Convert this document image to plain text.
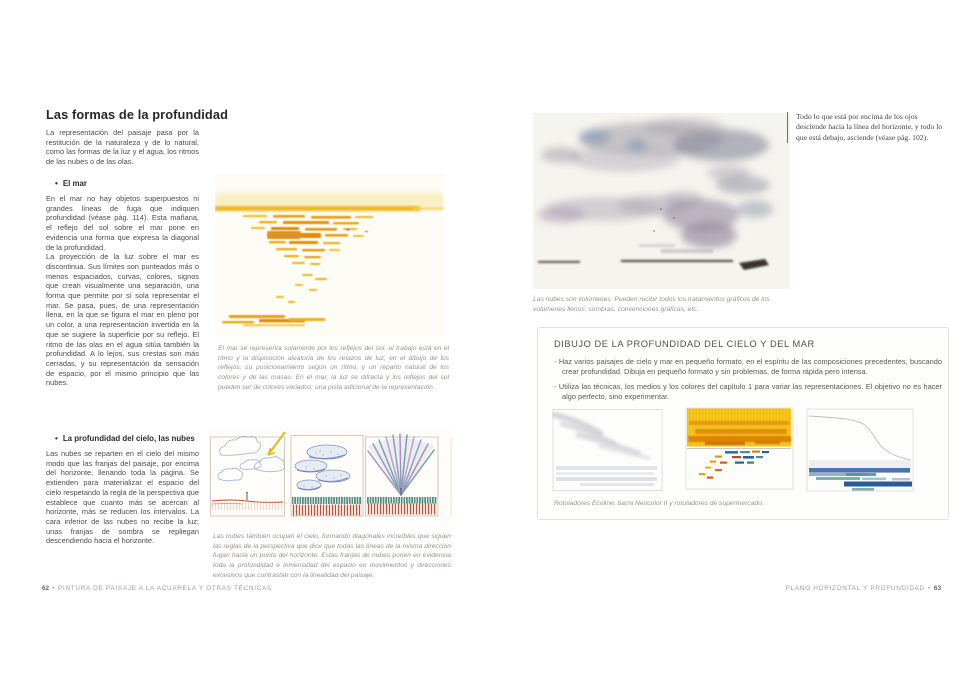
Las formas de la profundidad

La representación del paisaje pasa por la restitución de la naturaleza y de lo natural, como las formas de la luz y el agua, los ritmos de las nubes o de las olas.

• El mar

En el mar no hay objetos superpuestos ni grandes líneas de fuga que indiquen profundidad (véase pág. 114). Esta mañana, el reflejo del sol sobre el mar pone en evidencia una forma que expresa la diagonal de la profundidad.

La proyección de la luz sobre el mar es discontinua. Sus límites son punteados más o menos espaciados, curvas, colores, signos que crean visualmente una separación, una forma que permite por sí sola representar el mar. Se pasa, pues, de una representación llena, en la que se figura el mar en pleno por un color, a una representación invertida en la que se sugiere la superficie por su reflejo. El ritmo de las olas en el agua sitúa también la profundidad. A lo lejos, sus crestas son más cerradas, y su representación da sensación de espacio, por el mismo principio que las nubes.

• La profundidad del cielo, las nubes

Las nubes se reparten en el cielo del mismo modo que las franjas del paisaje, por encima del horizonte, llenando toda la página. Se extienden para materializar el espacio del cielo respetando la regla de la perspectiva que establece que cuanto más se acercan al horizonte, más se reducen los intervalos. La cara inferior de las nubes no recibe la luz; unas franjas de sombra se repliegan descendiendo hacia el horizonte.

El mar se representa solamente por los reflejos del sol, el trabajo está en el ritmo y la disposición aleatoria de los retazos de luz; en el dibujo de los reflejos, su posicionamiento según un ritmo, y un reparto natural de los colores y de las masas. En el mar, la luz se difracta y los reflejos del sol pueden ser de colores variados: una pista adicional de la representación.

Las nubes también ocupan el cielo, formando diagonales increíbles que siguen las reglas de la perspectiva que dice que todas las líneas de la misma dirección fugan hacia un punto del horizonte. Estas franjas de nubes ponen en evidencia toda la profundidad e inmensidad del espacio en movimientos y direcciones excesivos que contrastan con la linealidad del paisaje.

62 • PINTURA DE PAISAJE A LA ACUARELA Y OTRAS TÉCNICAS

Las nubes son volúmenes. Pueden recibir todos los tratamientos gráficos de los volúmenes llenos: sombras, convenciones gráficas, etc.

Todo lo que está por encima de los ojos desciende hacia la línea del horizonte, y todo lo que está debajo, asciende (véase pág. 102).

DIBUJO DE LA PROFUNDIDAD DEL CIELO Y DEL MAR
- Haz varios paisajes de cielo y mar en pequeño formato, en el espíritu de las composiciones precedentes, buscando crear profundidad. Dibuja en pequeño formato y sin problemas, de forma rápida pero intensa.
- Utiliza las técnicas, los medios y los colores del capítulo 1 para variar las representaciones. El objetivo no es hacer algo perfecto, sino experimentar.

Rotuladores Ecoline, barra Neocolor II y rotuladores de supermercado.

PLANO HORIZONTAL Y PROFUNDIDAD • 63
